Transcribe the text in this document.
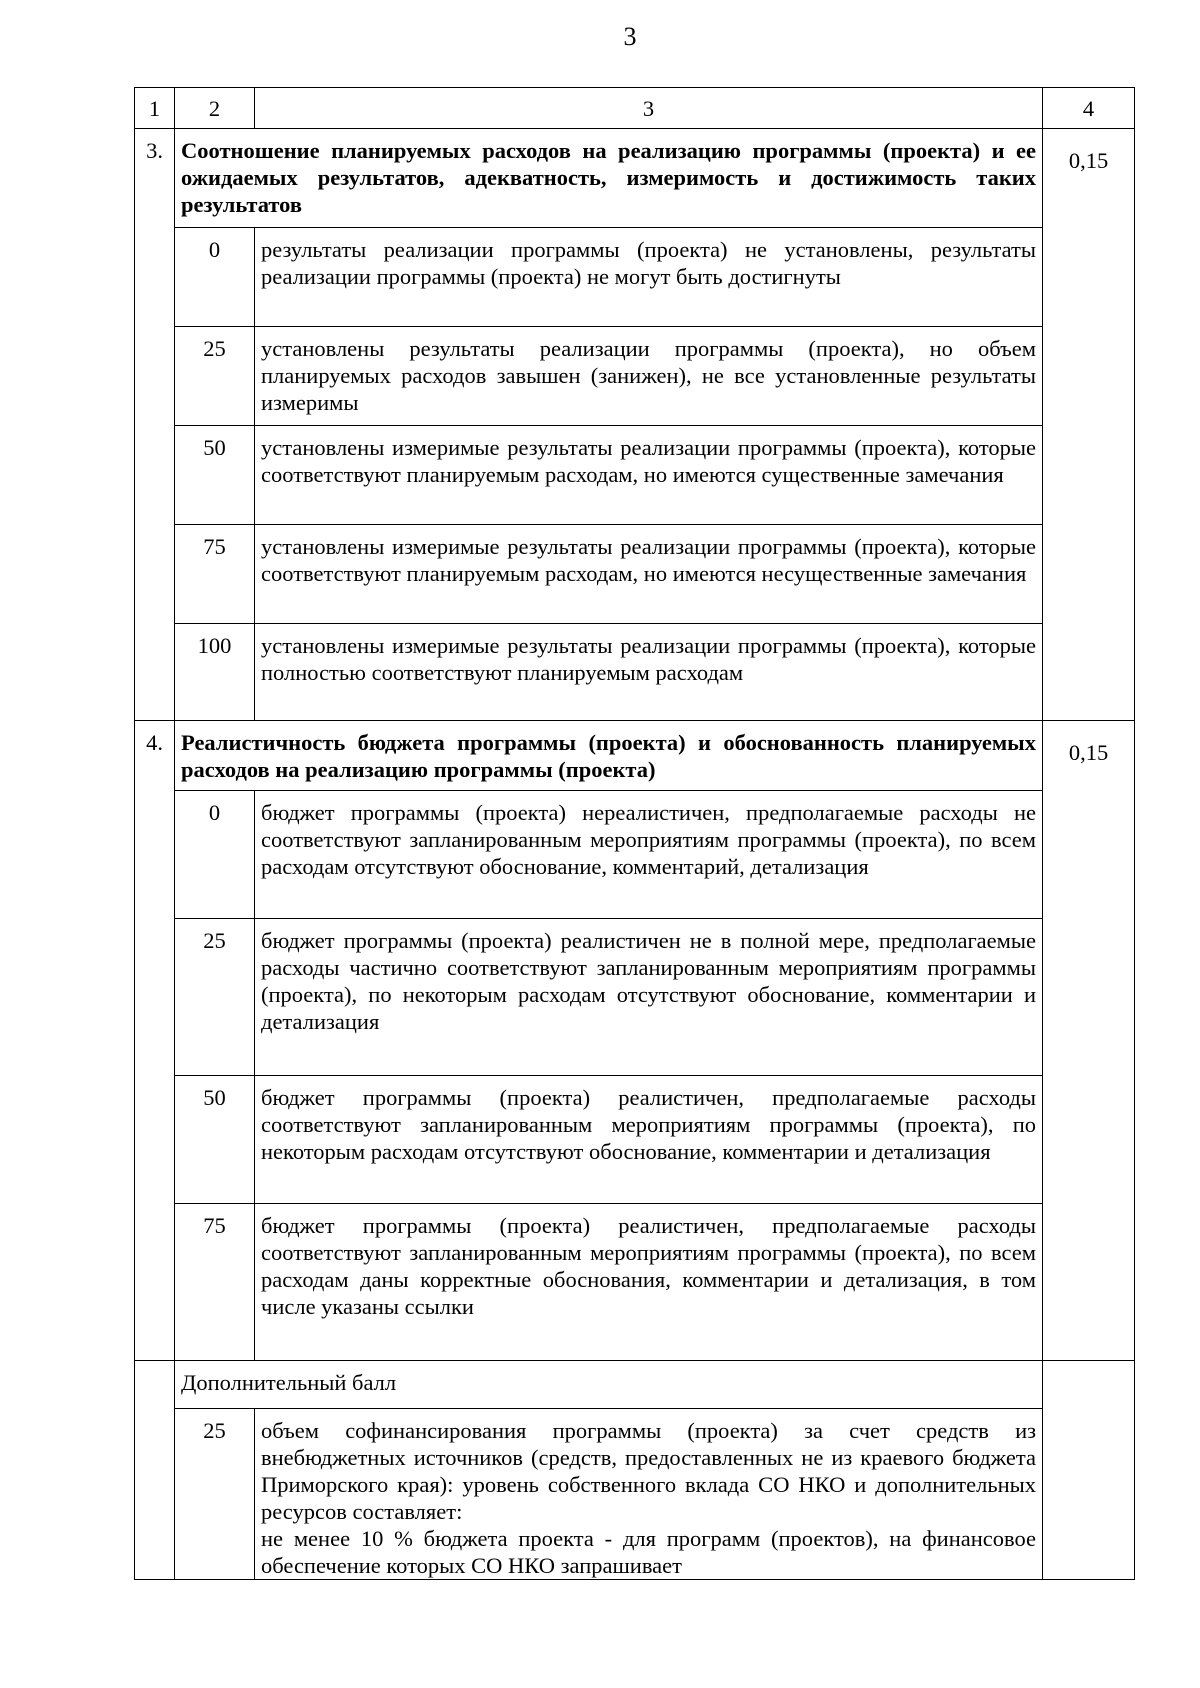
3
1	2	3	4
3.	Соотношение планируемых расходов на реализацию программы (проекта) и ее ожидаемых результатов, адекватность, измеримость и достижимость таких результатов		0,15
	0	результаты реализации программы (проекта) не установлены, результаты реализации программы (проекта) не могут быть достигнуты	
	25	установлены результаты реализации программы (проекта), но объем планируемых расходов завышен (занижен), не все установленные результаты измеримы	
	50	установлены измеримые результаты реализации программы (проекта), которые соответствуют планируемым расходам, но имеются существенные замечания	
	75	установлены измеримые результаты реализации программы (проекта), которые соответствуют планируемым расходам, но имеются несущественные замечания	
	100	установлены измеримые результаты реализации программы (проекта), которые полностью соответствуют планируемым расходам	
4.	Реалистичность бюджета программы (проекта) и обоснованность планируемых расходов на реализацию программы (проекта)		0,15
	0	бюджет программы (проекта) нереалистичен, предполагаемые расходы не соответствуют запланированным мероприятиям программы (проекта), по всем расходам отсутствуют обоснование, комментарий, детализация	
	25	бюджет программы (проекта) реалистичен не в полной мере, предполагаемые расходы частично соответствуют запланированным мероприятиям программы (проекта), по некоторым расходам отсутствуют обоснование, комментарии и детализация	
	50	бюджет программы (проекта) реалистичен, предполагаемые расходы соответствуют запланированным мероприятиям программы (проекта), по некоторым расходам отсутствуют обоснование, комментарии и детализация	
	75	бюджет программы (проекта) реалистичен, предполагаемые расходы соответствуют запланированным мероприятиям программы (проекта), по всем расходам даны корректные обоснования, комментарии и детализация, в том числе указаны ссылки	
	Дополнительный балл		
	25	объем софинансирования программы (проекта) за счет средств из внебюджетных источников (средств, предоставленных не из краевого бюджета Приморского края): уровень собственного вклада СО НКО и дополнительных ресурсов составляет:
не менее 10 % бюджета проекта - для программ (проектов), на финансовое обеспечение которых СО НКО запрашивает	
